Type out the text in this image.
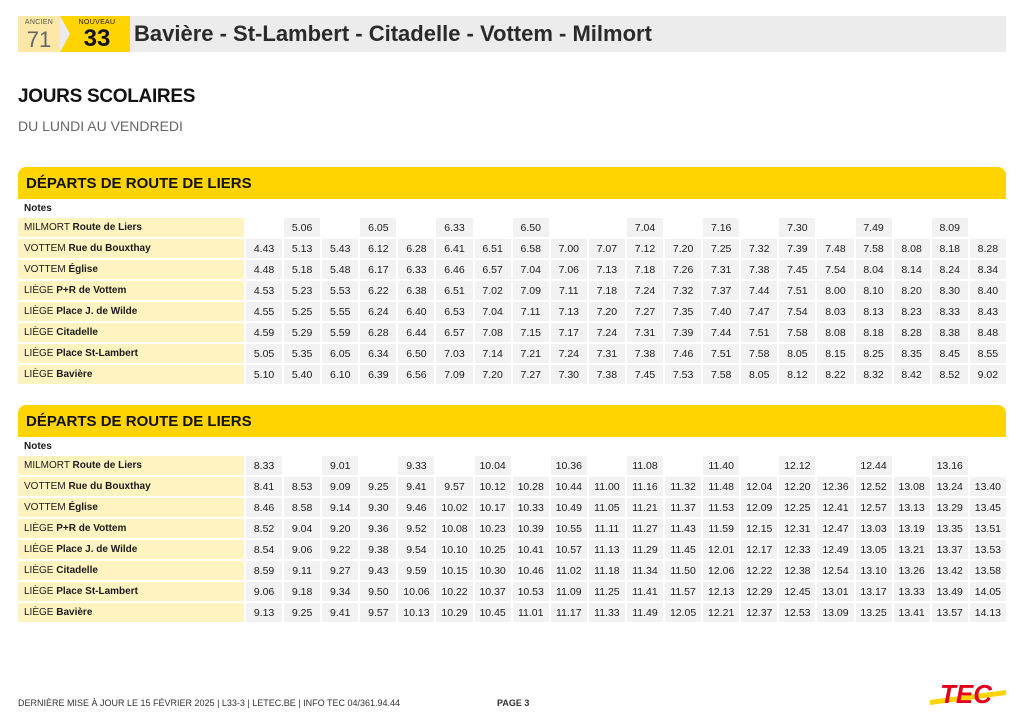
ANCIEN
71
NOUVEAU
33	Bavière - St-Lambert - Citadelle - Vottem - Milmort
JOURS SCOLAIRES
DU LUNDI AU VENDREDI
DÉPARTS DE ROUTE DE LIERS
Notes																				
MILMORT Route de Liers		5.06		6.05		6.33		6.50			7.04		7.16		7.30		7.49		8.09	
VOTTEM Rue du Bouxthay	4.43	5.13	5.43	6.12	6.28	6.41	6.51	6.58	7.00	7.07	7.12	7.20	7.25	7.32	7.39	7.48	7.58	8.08	8.18	8.28
VOTTEM Église	4.48	5.18	5.48	6.17	6.33	6.46	6.57	7.04	7.06	7.13	7.18	7.26	7.31	7.38	7.45	7.54	8.04	8.14	8.24	8.34
LIÈGE P+R de Vottem	4.53	5.23	5.53	6.22	6.38	6.51	7.02	7.09	7.11	7.18	7.24	7.32	7.37	7.44	7.51	8.00	8.10	8.20	8.30	8.40
LIÈGE Place J. de Wilde	4.55	5.25	5.55	6.24	6.40	6.53	7.04	7.11	7.13	7.20	7.27	7.35	7.40	7.47	7.54	8.03	8.13	8.23	8.33	8.43
LIÈGE Citadelle	4.59	5.29	5.59	6.28	6.44	6.57	7.08	7.15	7.17	7.24	7.31	7.39	7.44	7.51	7.58	8.08	8.18	8.28	8.38	8.48
LIÈGE Place St-Lambert	5.05	5.35	6.05	6.34	6.50	7.03	7.14	7.21	7.24	7.31	7.38	7.46	7.51	7.58	8.05	8.15	8.25	8.35	8.45	8.55
LIÈGE Bavière	5.10	5.40	6.10	6.39	6.56	7.09	7.20	7.27	7.30	7.38	7.45	7.53	7.58	8.05	8.12	8.22	8.32	8.42	8.52	9.02
DÉPARTS DE ROUTE DE LIERS
Notes																				
MILMORT Route de Liers	8.33		9.01		9.33		10.04		10.36		11.08		11.40		12.12		12.44		13.16	
VOTTEM Rue du Bouxthay	8.41	8.53	9.09	9.25	9.41	9.57	10.12	10.28	10.44	11.00	11.16	11.32	11.48	12.04	12.20	12.36	12.52	13.08	13.24	13.40
VOTTEM Église	8.46	8.58	9.14	9.30	9.46	10.02	10.17	10.33	10.49	11.05	11.21	11.37	11.53	12.09	12.25	12.41	12.57	13.13	13.29	13.45
LIÈGE P+R de Vottem	8.52	9.04	9.20	9.36	9.52	10.08	10.23	10.39	10.55	11.11	11.27	11.43	11.59	12.15	12.31	12.47	13.03	13.19	13.35	13.51
LIÈGE Place J. de Wilde	8.54	9.06	9.22	9.38	9.54	10.10	10.25	10.41	10.57	11.13	11.29	11.45	12.01	12.17	12.33	12.49	13.05	13.21	13.37	13.53
LIÈGE Citadelle	8.59	9.11	9.27	9.43	9.59	10.15	10.30	10.46	11.02	11.18	11.34	11.50	12.06	12.22	12.38	12.54	13.10	13.26	13.42	13.58
LIÈGE Place St-Lambert	9.06	9.18	9.34	9.50	10.06	10.22	10.37	10.53	11.09	11.25	11.41	11.57	12.13	12.29	12.45	13.01	13.17	13.33	13.49	14.05
LIÈGE Bavière	9.13	9.25	9.41	9.57	10.13	10.29	10.45	11.01	11.17	11.33	11.49	12.05	12.21	12.37	12.53	13.09	13.25	13.41	13.57	14.13
DERNIÈRE MISE À JOUR LE 15 FÉVRIER 2025 | L33-3 | LETEC.BE | INFO TEC 04/361.94.44	PAGE 3	TEC
